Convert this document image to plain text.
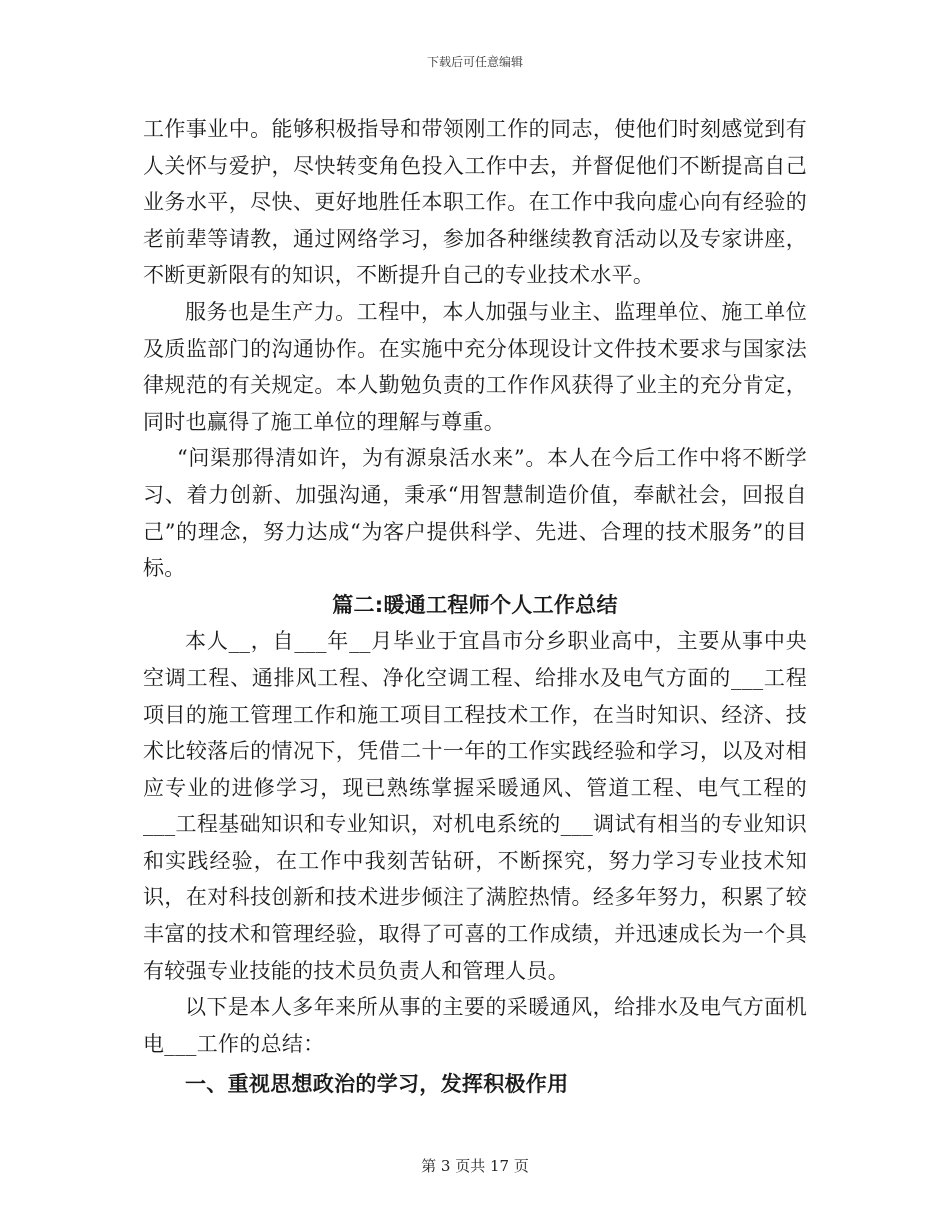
下载后可任意编辑

工作事业中。能够积极指导和带领刚工作的同志，使他们时刻感觉到有人关怀与爱护，尽快转变角色投入工作中去，并督促他们不断提高自己业务水平，尽快、更好地胜任本职工作。在工作中我向虚心向有经验的老前辈等请教，通过网络学习，参加各种继续教育活动以及专家讲座，不断更新限有的知识，不断提升自己的专业技术水平。

服务也是生产力。工程中，本人加强与业主、监理单位、施工单位及质监部门的沟通协作。在实施中充分体现设计文件技术要求与国家法律规范的有关规定。本人勤勉负责的工作作风获得了业主的充分肯定，同时也赢得了施工单位的理解与尊重。

“问渠那得清如许，为有源泉活水来”。本人在今后工作中将不断学习、着力创新、加强沟通，秉承“用智慧制造价值，奉献社会，回报自己”的理念，努力达成“为客户提供科学、先进、合理的技术服务”的目标。

篇二:暖通工程师个人工作总结

本人__，自___年__月毕业于宜昌市分乡职业高中，主要从事中央空调工程、通排风工程、净化空调工程、给排水及电气方面的___工程项目的施工管理工作和施工项目工程技术工作，在当时知识、经济、技术比较落后的情况下，凭借二十一年的工作实践经验和学习，以及对相应专业的进修学习，现已熟练掌握采暖通风、管道工程、电气工程的___工程基础知识和专业知识，对机电系统的___调试有相当的专业知识和实践经验，在工作中我刻苦钻研，不断探究，努力学习专业技术知识，在对科技创新和技术进步倾注了满腔热情。经多年努力，积累了较丰富的技术和管理经验，取得了可喜的工作成绩，并迅速成长为一个具有较强专业技能的技术员负责人和管理人员。

以下是本人多年来所从事的主要的采暖通风，给排水及电气方面机电___工作的总结：

一、重视思想政治的学习，发挥积极作用
第 3 页共 17 页
